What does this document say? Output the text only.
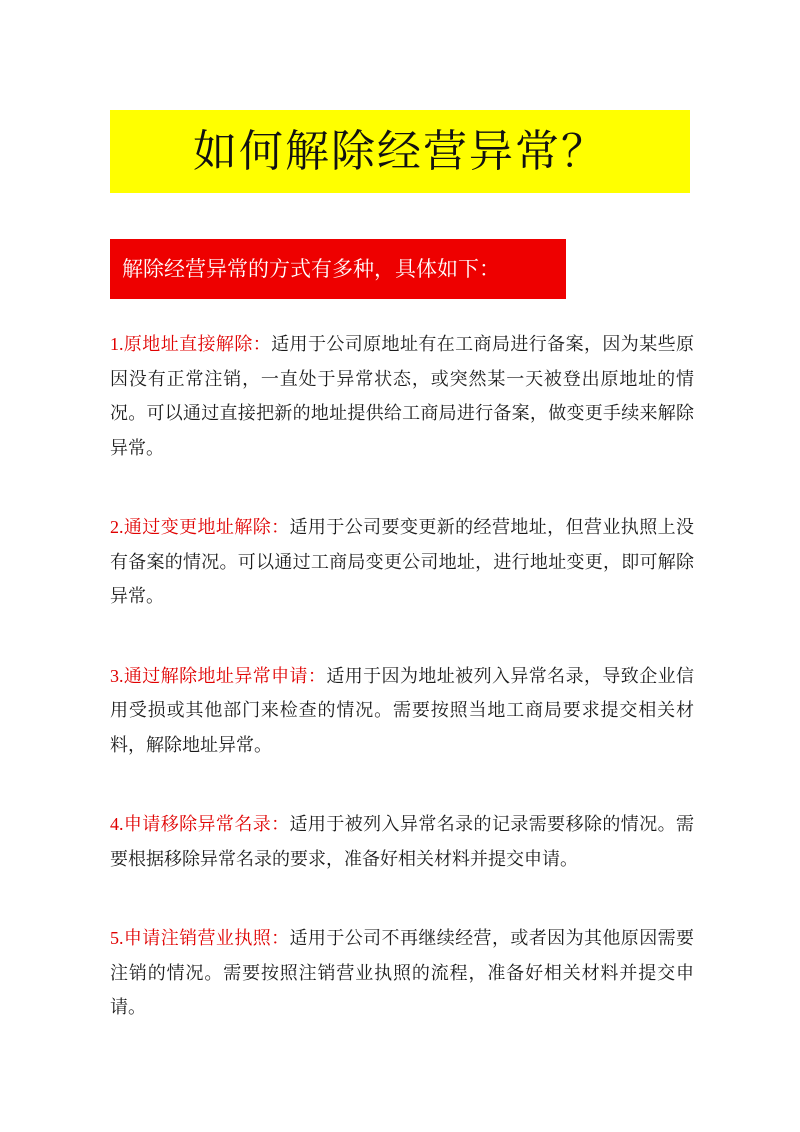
如何解除经营异常？
解除经营异常的方式有多种，具体如下：

1.原地址直接解除：适用于公司原地址有在工商局进行备案，因为某些原因没有正常注销，一直处于异常状态，或突然某一天被登出原地址的情况。可以通过直接把新的地址提供给工商局进行备案，做变更手续来解除异常。

2.通过变更地址解除：适用于公司要变更新的经营地址，但营业执照上没有备案的情况。可以通过工商局变更公司地址，进行地址变更，即可解除异常。

3.通过解除地址异常申请：适用于因为地址被列入异常名录，导致企业信用受损或其他部门来检查的情况。需要按照当地工商局要求提交相关材料，解除地址异常。

4.申请移除异常名录：适用于被列入异常名录的记录需要移除的情况。需要根据移除异常名录的要求，准备好相关材料并提交申请。

5.申请注销营业执照：适用于公司不再继续经营，或者因为其他原因需要注销的情况。需要按照注销营业执照的流程，准备好相关材料并提交申请。
